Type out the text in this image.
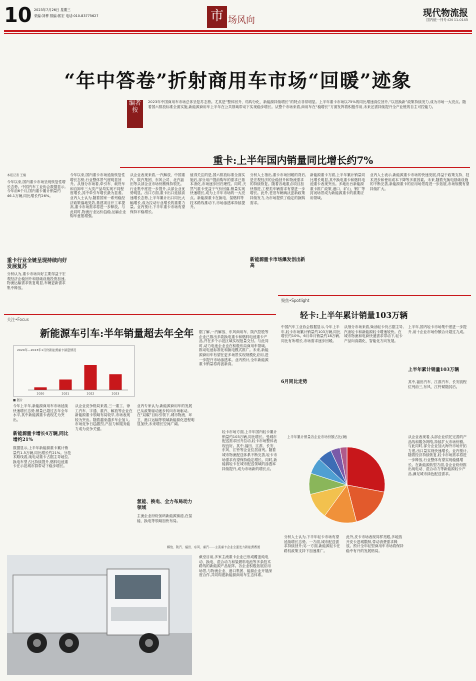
10 2023年7月26日 星期三
采编:刘桦 排编:郭宏 电话:010-83775627	市 场风向
现代物流报
国内统一刊号:CN 11-0145
“年中答卷”折射商用车市场“回暖”迹象
编者按
2023年中国商用车市场总体呈复苏态势。尤其是“整体回升、结构分化、新能源持续增长”的特点非常明显。上半年重卡市场以75%的同比增速高位回升,“以旧换新”政策持续发力,成为市场一大亮点。随着国六排放标准全面实施,新能源商用车上半年在公共领域带动下实现稳步增长。从整个市场来看,商用车在“稳增长”方面发挥着积极作用,未来还需持续提升全产业链的自主可控能力。
重卡:上半年国内销量同比增长约7%
本报记者 王楠
今年以来,国内重卡市场呈现恢复性增长态势。中国汽车工业协会数据显示,今年前6个月,国内重卡累计销量约46.1万辆,同比增长约26%。
重卡行业全链呈现持续向好发展复苏
分析认为,重卡市场向好主要得益于宏观经济企稳回升和基础设施投资加速,物流运输需求恢复明显,车辆更新需求集中释放。
今年以来,国内重卡市场延续恢复性增长态势,行业整体景气度明显回升。从细分市场看,牵引车、载货车和自卸车三大类产品均实现不同程度增长,其中牵引车增长最为显著。业内人士认为,随着国家一系列稳经济政策落地见效,基建项目开工率提高,重卡市场需求将进一步释放。与此同时,物流行业运价趋稳,运输企业购车意愿增强。
从企业表现来看,一汽解放、中国重汽、陕汽集团、东风公司、北汽福田等头部企业市场份额保持领先。行业集中度进一步提升,头部企业优势明显。出口方面,重卡出口延续高速增长态势,上半年累计出口同比大幅增长,成为拉动行业增长的重要力量。业内预计,下半年重卡市场有望保持平稳增长。
值得关注的是,国六排放标准全面实施后,部分用户提前购车的需求已基本消化,市场逐步回归理性。同时,天然气重卡受益于气价回落,销量实现快速增长,成为上半年市场的一大亮点。新能源重卡在换电、氢燃料等技术路线推动下,市场渗透率持续提升。
分析人士指出,重卡市场回暖的背后,是宏观经济的企稳回升和物流需求的持续恢复。随着各地重点项目加快推进,工程类车辆需求有望进一步增长。此外,老旧车辆淘汰更新政策持续发力,为市场提供了稳定的换购需求。
新能源重卡市场爆发创出新高
新能源重卡方面,上半年累计销量同比增长明显,其中换电重卡和燃料电池重卡表现突出。多地出台新能源重卡推广政策,港口、矿山、钢厂等封闭场景成为新能源重卡的重要应用领域。
业内人士表示,新能源重卡市场的快速发展,得益于政策支持、技术进步和使用成本下降等多重因素。未来,随着充换电基础设施的不断完善,新能源重卡的应用场景将进一步拓展,市场规模有望持续扩大。
关注•Focus
新能源车引车:半年销量超去年全年
2020年—2023年1月份新能源重卡销量情况
2020	2021	2022	2023
■ 图片
今年上半年,新能源商用车市场延续快速增长态势,销量已超过去年全年水平,其中新能源重卡表现尤为突出。
新能源重卡增长4万辆,同比增约21%
数据显示,上半年新能源重卡累计销量约1.5万辆,同比增长约21%。分技术路线看,纯电动重卡占据主导地位,换电车型占比持续提升,燃料电池重卡在示范城市群带动下稳步增长。
从企业竞争格局来看,三一重工、徐工汽车、宇通、重汽、解放等企业在新能源重卡领域布局较早,市场表现较为突出。随着越来越多车企加入,市场竞争日趋激烈,产品力和服务能力成为竞争关键。
业内专家认为,新能源商用车的发展已从政策驱动逐步转向市场驱动。在“双碳”目标引领下,城市物流、环卫、港口运输等领域新能源化进程明显加快,未来增长空间广阔。
氢能、换电、全力布局动力领域
主流企业纷纷加码新能源赛道,在氢能、换电等领域加快布局。
据了解,一汽解放、东风商用车、陕汽控股等企业已推出多款换电重卡和燃料电池重卡产品,并在多个示范区域实现批量交付。与此同时,动力电池企业也在积极布局商用车领域,推动电池标准化和换电模式推广。未来,新能源商用车有望在更多场景实现规模化应用,进一步提升市场渗透率。业内预计,全年新能源重卡销量将再创新高。
解放、陕汽、福田、东风、重汽……主流重卡企业全面发力新能源赛道
截至目前,多家主流重卡企业已形成覆盖纯电动、换电、混合动力和氢燃料电池等多条技术路线的新能源产品矩阵。各企业积极拓展应用场景,与物流企业、港口集团、能源企业开展深度合作,共同构建新能源商用车生态体系。
轻卡市场方面,上半年国内轻卡累计销量约103万辆,同比增长。受城市配送需求回升拉动,轻卡市场整体表现良好。其中,福田、江淮、长安、东风、江铃等企业位居前列。随着城市物流配送体系不断完善,轻卡市场需求有望保持稳定增长。同时,新能源轻卡在城市配送领域的渗透率持续提升,成为市场新的增长点。
聚焦•Spotlight
轻卡:上半年累计销量103万辆
中国汽车工业协会数据显示,今年上半年,轻卡市场累计销量约103万辆,同比增长约10%。6月单月销量约18万辆,同比有所增长,市场需求逐步回暖。
6月同比走势
从细分市场来看,柴油轻卡仍占据主导,汽油轻卡和新能源轻卡增速较快。在城市物流和电商快递需求带动下,轻卡产品向高端化、智能化方向发展。
上半年,国内轻卡市场集中度进一步提升,前十企业市场份额合计超过九成。
上半年累计销量103万辆
其中,福田汽车、江淮汽车、长安凯程位列前三,东风、江铃紧随其后。
上半年累计销量各企业市场份额占比(辆)
分析人士认为,下半年轻卡市场有望延续增长态势。一方面,城市配送需求持续回升;另一方面,新能源轻卡在路权政策支持下加速推广。
此外,皮卡市场表现同样亮眼,多地放开皮卡进城限制,带动消费需求释放。预计全年轻型商用车市场将保持稳中有升的发展格局。
从企业表现看,头部企业依托完善的产品线和服务网络,持续扩大市场份额。与此同时,部分企业加大海外市场开拓力度,出口量实现快速增长。业内预计,随着经济持续恢复,轻卡市场需求将进一步释放,行业整体有望实现稳健增长。在新能源转型方面,各企业纷纷推出纯电动、混合动力等新能源轻卡产品,满足城市绿色配送需求。
